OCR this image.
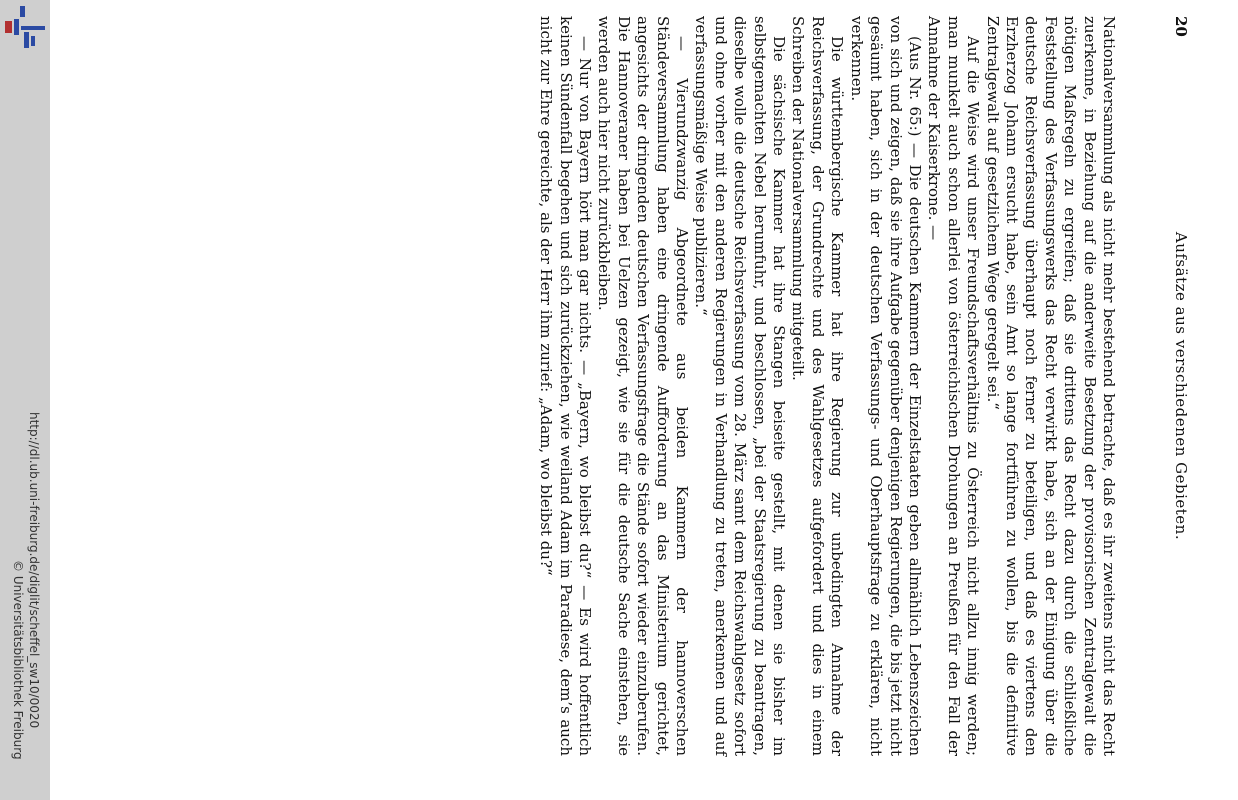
http://dl.ub.uni-freiburg.de/diglit/scheffel_sw10/0020
© Universitätsbibliothek Freiburg
20
Aufsätze aus verschiedenen Gebieten.

Nationalversammlung als nicht mehr bestehend betrachte, daß es ihr zweitens nicht das Recht zuerkenne, in Beziehung auf die anderweite Besetzung der provisorischen Zentralgewalt die nötigen Maßregeln zu ergreifen; daß sie drittens das Recht dazu durch die schließliche Feststellung des Verfassungswerks das Recht verwirkt habe, sich an der Einigung über die deutsche Reichsverfassung überhaupt noch ferner zu beteiligen, und daß es viertens den Erzherzog Johann ersucht habe, sein Amt so lange fortführen zu wollen, bis die definitive Zentralgewalt auf gesetzlichem Wege geregelt sei.“

Auf die Weise wird unser Freundschaftsverhältnis zu Österreich nicht allzu innig werden; man munkelt auch schon allerlei von österreichischen Drohungen an Preußen für den Fall der Annahme der Kaiserkrone. —

(Aus Nr. 65:) — Die deutschen Kammern der Einzelstaaten geben allmählich Lebenszeichen von sich und zeigen, daß sie ihre Aufgabe gegenüber denjenigen Regierungen, die bis jetzt nicht gesäumt haben, sich in der deutschen Verfassungs- und Oberhauptsfrage zu erklären, nicht verkennen.

Die württembergische Kammer hat ihre Regierung zur unbedingten Annahme der Reichsverfassung, der Grundrechte und des Wahlgesetzes aufgefordert und dies in einem Schreiben der Nationalversammlung mitgeteilt.

Die sächsische Kammer hat ihre Stangen beiseite gestellt, mit denen sie bisher im selbstgemachten Nebel herumfuhr, und beschlossen, „bei der Staatsregierung zu beantragen, dieselbe wolle die deutsche Reichsverfassung vom 28. März samt dem Reichswahlgesetz sofort und ohne vorher mit den anderen Regierungen in Verhandlung zu treten, anerkennen und auf verfassungsmäßige Weise publizieren.“

— Vierundzwanzig Abgeordnete aus beiden Kammern der hannoverschen Ständeversammlung haben eine dringende Aufforderung an das Ministerium gerichtet, angesichts der dringenden deutschen Verfassungsfrage die Stände sofort wieder einzuberufen. Die Hannoveraner haben bei Uelzen gezeigt, wie sie für die deutsche Sache einstehen, sie werden auch hier nicht zurückbleiben.

— Nur von Bayern hört man gar nichts. — „Bayern, wo bleibst du?“ — Es wird hoffentlich keinen Sündenfall begehen und sich zurückziehen, wie weiland Adam im Paradiese, dem’s auch nicht zur Ehre gereichte, als der Herr ihm zurief: „Adam, wo bleibst du?“
